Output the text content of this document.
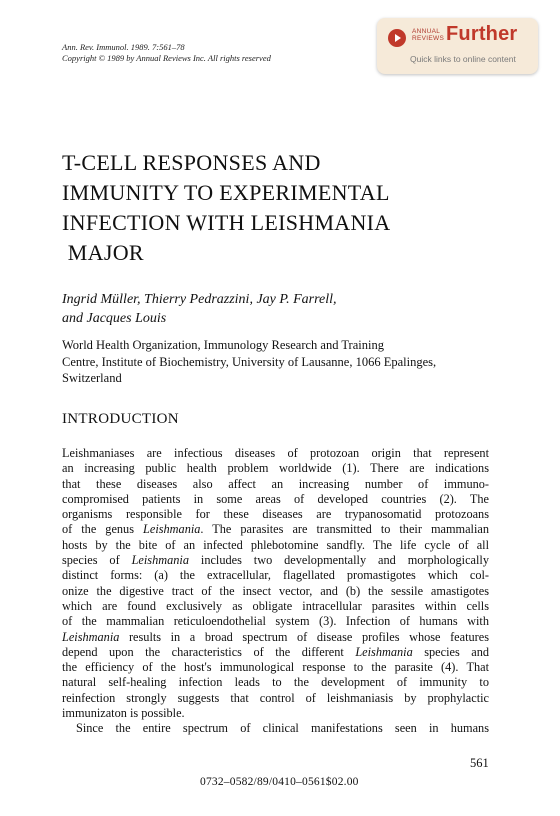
Ann. Rev. Immunol. 1989. 7:561–78
Copyright © 1989 by Annual Reviews Inc. All rights reserved
ANNUAL
REVIEWS Further
Quick links to online content
T-CELL RESPONSES AND
IMMUNITY TO EXPERIMENTAL
INFECTION WITH LEISHMANIA
MAJOR
Ingrid Müller, Thierry Pedrazzini, Jay P. Farrell,
and Jacques Louis
World Health Organization, Immunology Research and Training
Centre, Institute of Biochemistry, University of Lausanne, 1066 Epalinges,
Switzerland
INTRODUCTION
Leishmaniases are infectious diseases of protozoan origin that represent
an increasing public health problem worldwide (1). There are indications
that these diseases also affect an increasing number of immuno-
compromised patients in some areas of developed countries (2). The
organisms responsible for these diseases are trypanosomatid protozoans
of the genus Leishmania. The parasites are transmitted to their mammalian
hosts by the bite of an infected phlebotomine sandfly. The life cycle of all
species of Leishmania includes two developmentally and morphologically
distinct forms: (a) the extracellular, flagellated promastigotes which col-
onize the digestive tract of the insect vector, and (b) the sessile amastigotes
which are found exclusively as obligate intracellular parasites within cells
of the mammalian reticuloendothelial system (3). Infection of humans with
Leishmania results in a broad spectrum of disease profiles whose features
depend upon the characteristics of the different Leishmania species and
the efficiency of the host's immunological response to the parasite (4). That
natural self-healing infection leads to the development of immunity to
reinfection strongly suggests that control of leishmaniasis by prophylactic
immunizaton is possible.
Since the entire spectrum of clinical manifestations seen in humans
561
0732–0582/89/0410–0561$02.00
